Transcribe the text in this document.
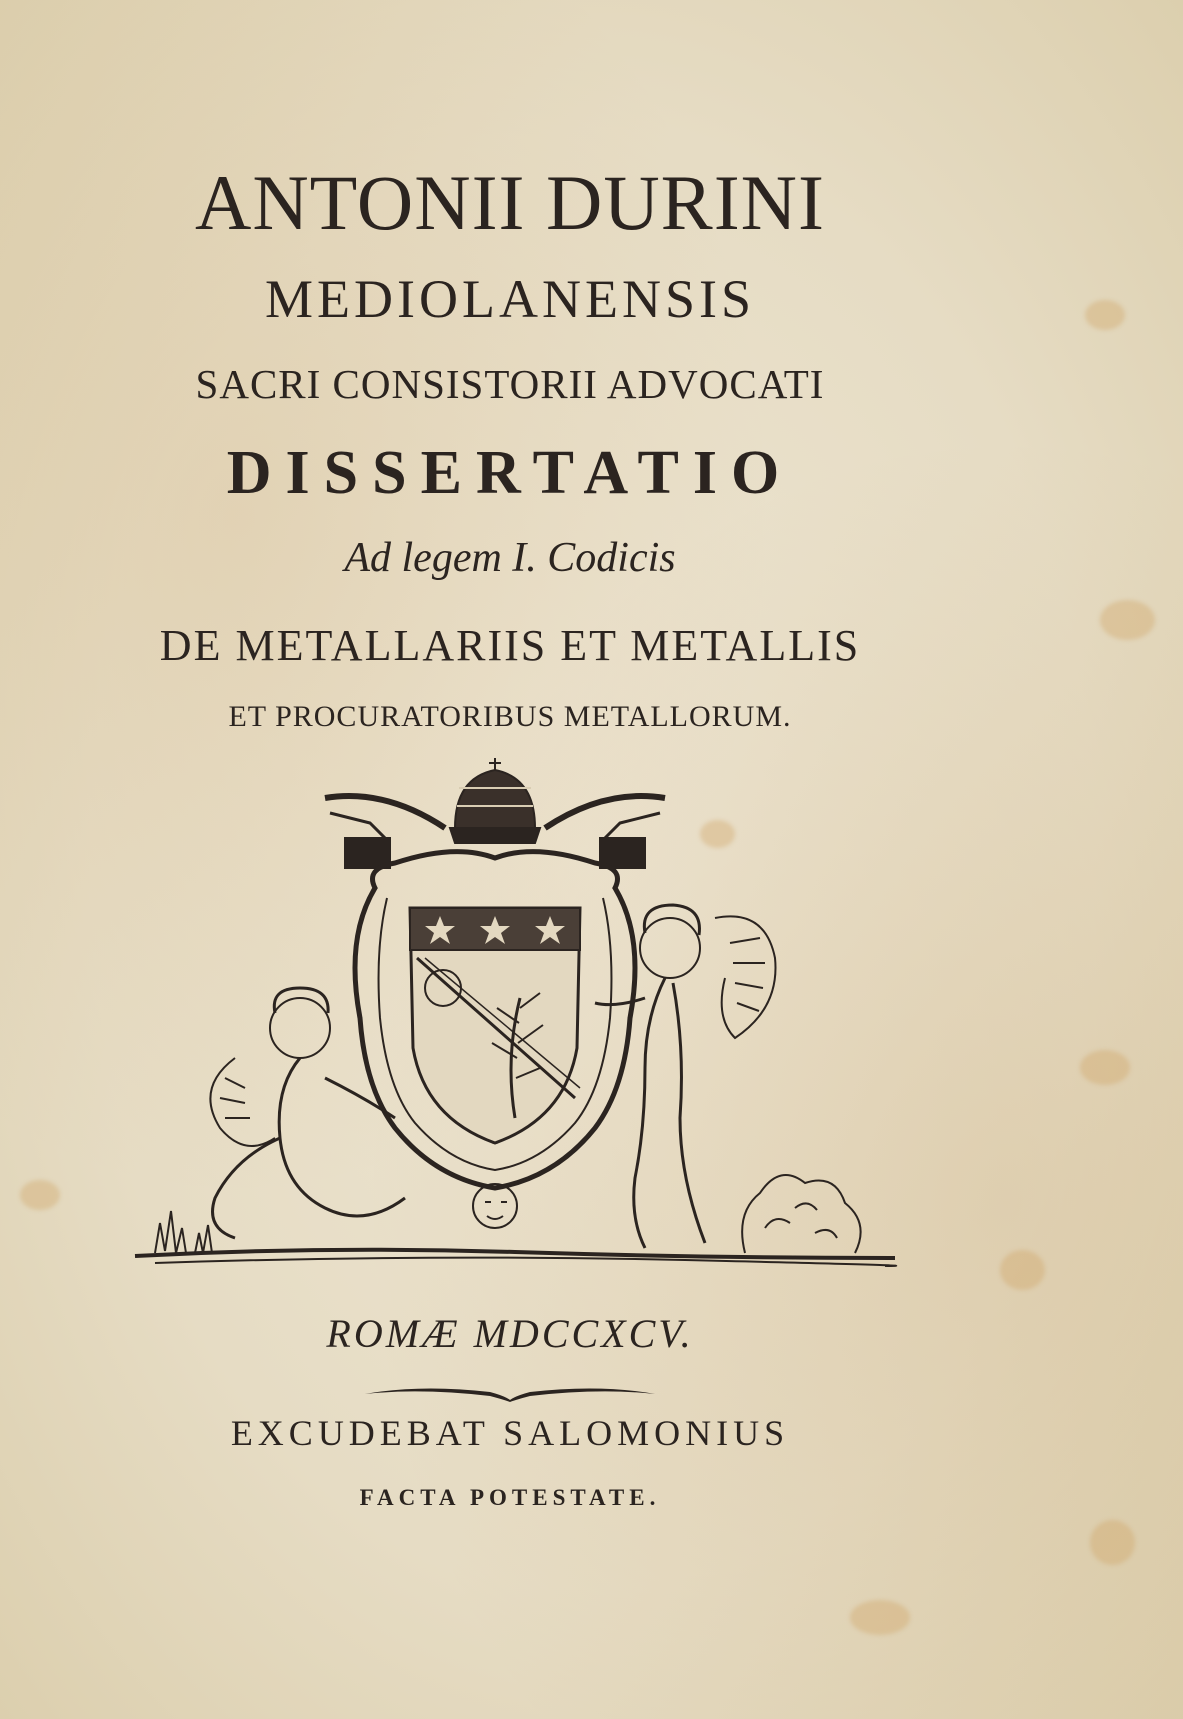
ANTONII DURINI
MEDIOLANENSIS
SACRI CONSISTORII ADVOCATI
DISSERTATIO
Ad legem I. Codicis
DE METALLARIIS ET METALLIS
ET PROCURATORIBUS METALLORUM.
ROMÆ MDCCXCV.
EXCUDEBAT SALOMONIUS
FACTA POTESTATE.
